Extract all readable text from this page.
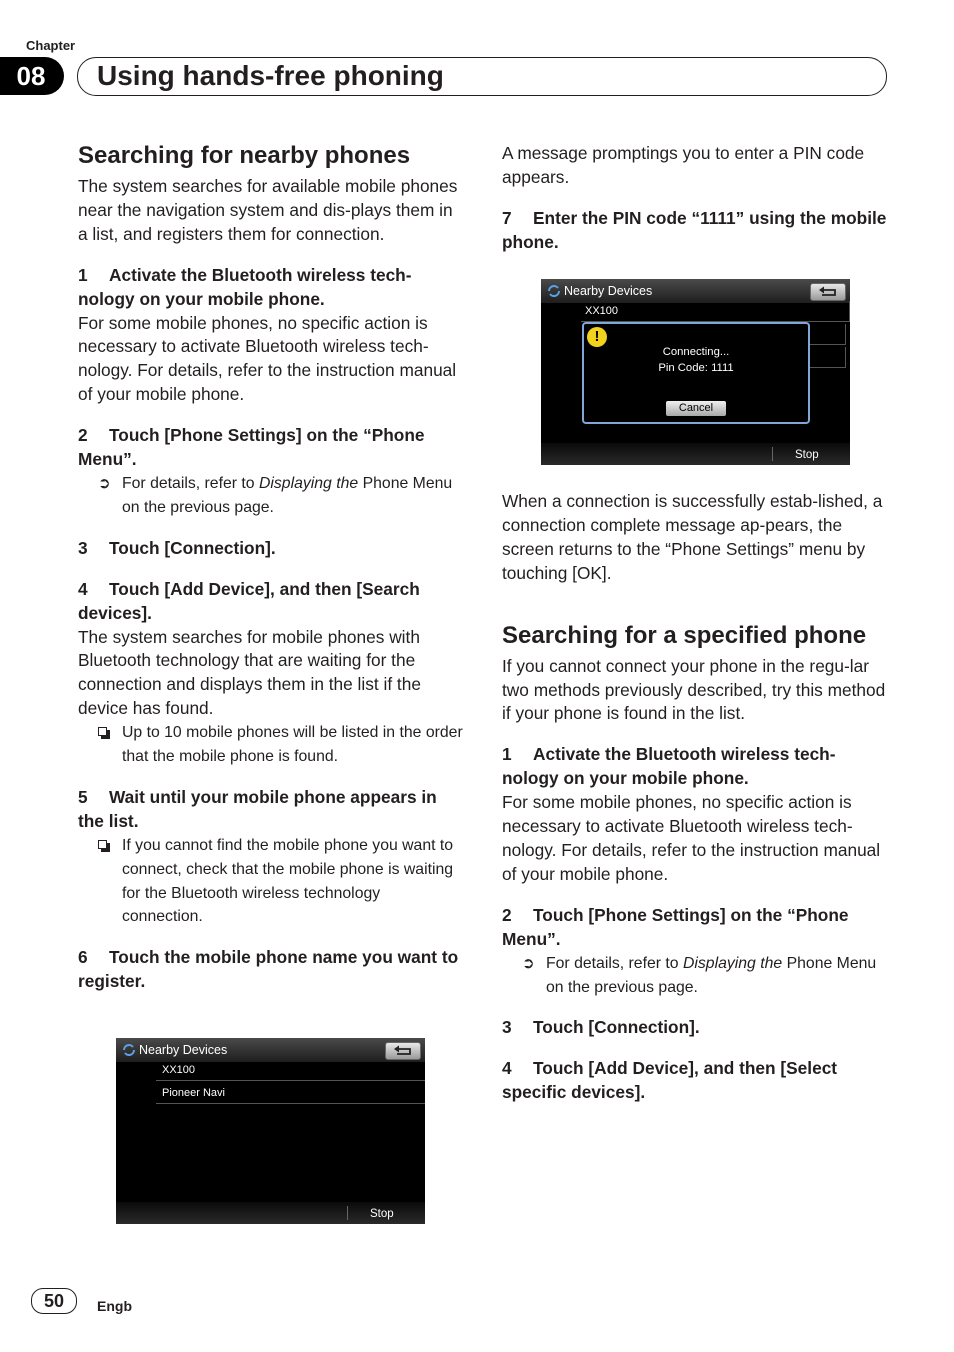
Chapter
08	Using hands-free phoning
Searching for nearby phones

The system searches for available mobile phones near the navigation system and dis-plays them in a list, and registers them for connection.

1 Activate the Bluetooth wireless tech-nology on your mobile phone.

For some mobile phones, no specific action is necessary to activate Bluetooth wireless tech-nology. For details, refer to the instruction manual of your mobile phone.

2 Touch [Phone Settings] on the “Phone Menu”.
➲ For details, refer to Displaying the Phone Menu on the previous page.
3 Touch [Connection].
4 Touch [Add Device], and then [Search devices].

The system searches for mobile phones with Bluetooth technology that are waiting for the connection and displays them in the list if the device has found.

Up to 10 mobile phones will be listed in the order that the mobile phone is found.
5 Wait until your mobile phone appears in the list.
If you cannot find the mobile phone you want to connect, check that the mobile phone is waiting for the Bluetooth wireless technology connection.
6 Touch the mobile phone name you want to register.
Nearby Devices
XX100
Pioneer Navi
Stop

A message promptings you to enter a PIN code appears.

7 Enter the PIN code “1111” using the mobile phone.
Nearby Devices
XX100
!
Connecting...
Pin Code: 1111
Cancel
Stop

When a connection is successfully estab-lished, a connection complete message ap-pears, the screen returns to the “Phone Settings” menu by touching [OK].

Searching for a specified phone

If you cannot connect your phone in the regu-lar two methods previously described, try this method if your phone is found in the list.

1 Activate the Bluetooth wireless tech-nology on your mobile phone.

For some mobile phones, no specific action is necessary to activate Bluetooth wireless tech-nology. For details, refer to the instruction manual of your mobile phone.

2 Touch [Phone Settings] on the “Phone Menu”.
➲ For details, refer to Displaying the Phone Menu on the previous page.
3 Touch [Connection].
4 Touch [Add Device], and then [Select specific devices].
50	Engb
